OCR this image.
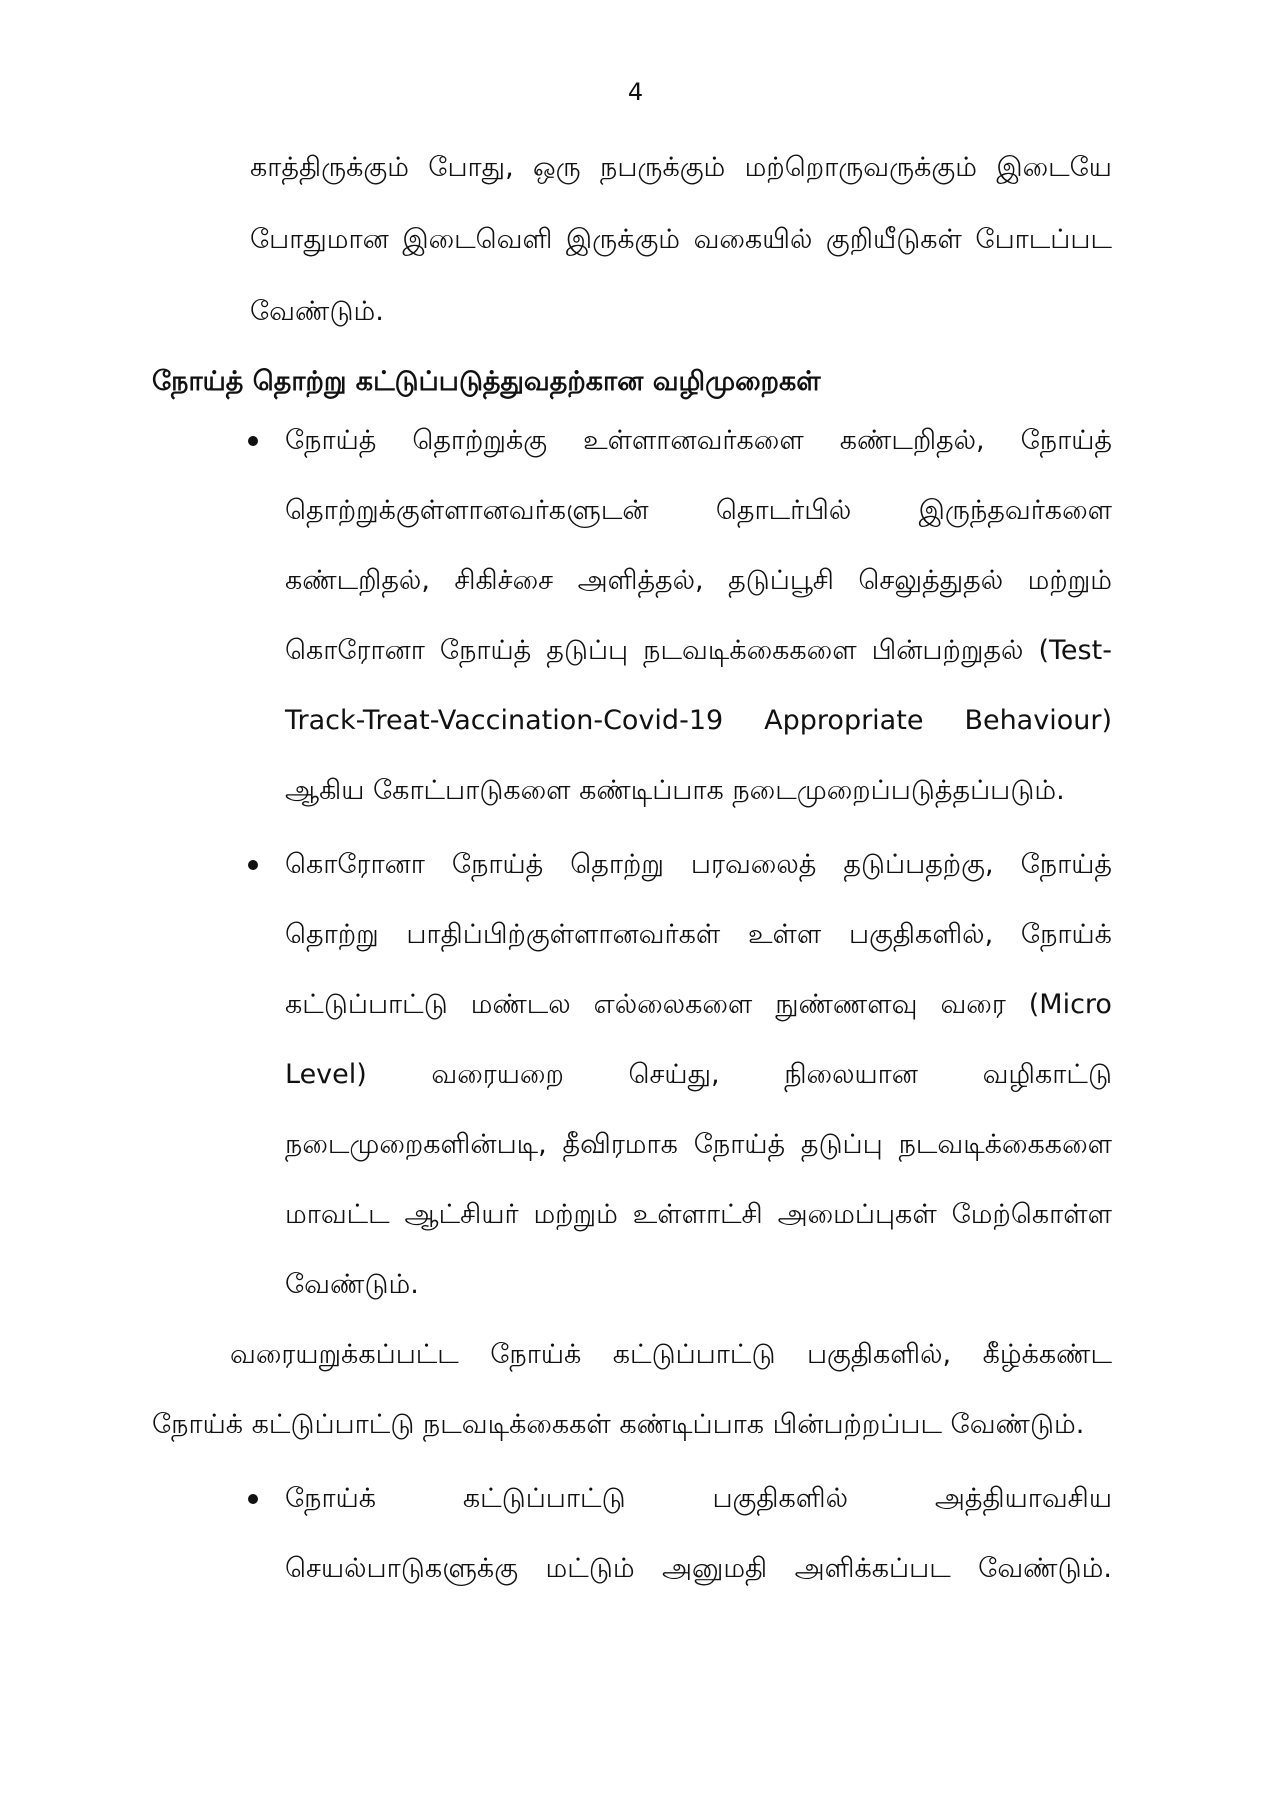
4
காத்திருக்கும் போது, ஒரு நபருக்கும் மற்றொருவருக்கும் இடையே
போதுமான இடைவெளி இருக்கும் வகையில் குறியீடுகள் போடப்பட
வேண்டும்.
நோய்த் தொற்று கட்டுப்படுத்துவதற்கான வழிமுறைகள்
நோய்த் தொற்றுக்கு உள்ளானவர்களை கண்டறிதல், நோய்த்
தொற்றுக்குள்ளானவர்களுடன் தொடர்பில் இருந்தவர்களை
கண்டறிதல், சிகிச்சை அளித்தல், தடுப்பூசி செலுத்துதல் மற்றும்
கொரோனா நோய்த் தடுப்பு நடவடிக்கைகளை பின்பற்றுதல் (Test-
Track-Treat-Vaccination-Covid-19 Appropriate Behaviour)
ஆகிய கோட்பாடுகளை கண்டிப்பாக நடைமுறைப்படுத்தப்படும்.
கொரோனா நோய்த் தொற்று பரவலைத் தடுப்பதற்கு, நோய்த்
தொற்று பாதிப்பிற்குள்ளானவர்கள் உள்ள பகுதிகளில், நோய்க்
கட்டுப்பாட்டு மண்டல எல்லைகளை நுண்ணளவு வரை (Micro
Level) வரையறை செய்து, நிலையான வழிகாட்டு
நடைமுறைகளின்படி, தீவிரமாக நோய்த் தடுப்பு நடவடிக்கைகளை
மாவட்ட ஆட்சியர் மற்றும் உள்ளாட்சி அமைப்புகள் மேற்கொள்ள
வேண்டும்.
வரையறுக்கப்பட்ட நோய்க் கட்டுப்பாட்டு பகுதிகளில், கீழ்க்கண்ட
நோய்க் கட்டுப்பாட்டு நடவடிக்கைகள் கண்டிப்பாக பின்பற்றப்பட வேண்டும்.
நோய்க்	கட்டுப்பாட்டு	பகுதிகளில்	அத்தியாவசிய
செயல்பாடுகளுக்கு மட்டும் அனுமதி அளிக்கப்பட வேண்டும்.
